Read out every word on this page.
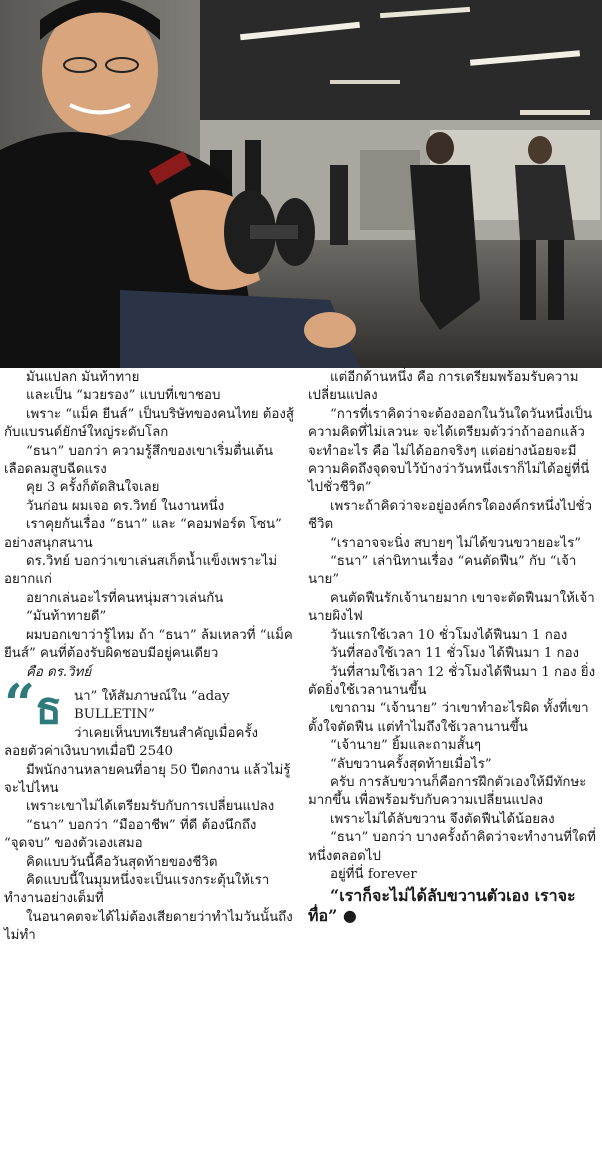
มันแปลก มันท้าทาย

และเป็น “มวยรอง” แบบที่เขาชอบ

เพราะ “แม็ค ยีนส์” เป็นบริษัทของคนไทย ต้องสู้กับแบรนด์ยักษ์ใหญ่ระดับโลก

“ธนา” บอกว่า ความรู้สึกของเขาเริ่มตื่นเต้น เลือดลมสูบฉีดแรง

คุย 3 ครั้งก็ตัดสินใจเลย

วันก่อน ผมเจอ ดร.วิทย์ ในงานหนึ่ง

เราคุยกันเรื่อง “ธนา” และ “คอมฟอร์ต โซน” อย่างสนุกสนาน

ดร.วิทย์ บอกว่าเขาเล่นสเก็ตน้ำแข็งเพราะไม่อยากแก่

อยากเล่นอะไรที่คนหนุ่มสาวเล่นกัน

“มันท้าทายดี”

ผมบอกเขาว่ารู้ไหม ถ้า “ธนา” ล้มเหลวที่ “แม็คยีนส์” คนที่ต้องรับผิดชอบมีอยู่คนเดียว

คือ ดร.วิทย์

“ธ นา” ให้สัมภาษณ์ใน “aday BULLETIN”

ว่าเคยเห็นบทเรียนสำคัญเมื่อครั้ง

ลอยตัวค่าเงินบาทเมื่อปี 2540

มีพนักงานหลายคนที่อายุ 50 ปีตกงาน แล้วไม่รู้จะไปไหน

เพราะเขาไม่ได้เตรียมรับกับการเปลี่ยนแปลง

“ธนา” บอกว่า “มืออาชีพ” ที่ดี ต้องนึกถึง “จุดจบ” ของตัวเองเสมอ

คิดแบบวันนี้คือวันสุดท้ายของชีวิต

คิดแบบนี้ในมุมหนึ่งจะเป็นแรงกระตุ้นให้เราทำงานอย่างเต็มที่

ในอนาคตจะได้ไม่ต้องเสียดายว่าทำไมวันนั้นถึงไม่ทำ

แต่อีกด้านหนึ่ง คือ การเตรียมพร้อมรับความเปลี่ยนแปลง

“การที่เราคิดว่าจะต้องออกในวันใดวันหนึ่งเป็นความคิดที่ไม่เลวนะ จะได้เตรียมตัวว่าถ้าออกแล้วจะทำอะไร คือ ไม่ได้ออกจริงๆ แต่อย่างน้อยจะมีความคิดถึงจุดจบไว้บ้างว่าวันหนึ่งเราก็ไม่ได้อยู่ที่นี่ไปชั่วชีวิต”

เพราะถ้าคิดว่าจะอยู่องค์กรใดองค์กรหนึ่งไปชั่วชีวิต

“เราอาจจะนิ่ง สบายๆ ไม่ได้ขวนขวายอะไร”

“ธนา” เล่านิทานเรื่อง “คนตัดฟืน” กับ “เจ้านาย”

คนตัดฟืนรักเจ้านายมาก เขาจะตัดฟืนมาให้เจ้านายผิงไฟ

วันแรกใช้เวลา 10 ชั่วโมงได้ฟืนมา 1 กอง

วันที่สองใช้เวลา 11 ชั่วโมง ได้ฟืนมา 1 กอง

วันที่สามใช้เวลา 12 ชั่วโมงได้ฟืนมา 1 กอง ยิ่งตัดยิ่งใช้เวลานานขึ้น

เขาถาม “เจ้านาย” ว่าเขาทำอะไรผิด ทั้งที่เขาตั้งใจตัดฟืน แต่ทำไมถึงใช้เวลานานขึ้น

“เจ้านาย” ยิ้มและถามสั้นๆ

“ลับขวานครั้งสุดท้ายเมื่อไร”

ครับ การลับขวานก็คือการฝึกตัวเองให้มีทักษะมากขึ้น เพื่อพร้อมรับกับความเปลี่ยนแปลง

เพราะไม่ได้ลับขวาน จึงตัดฟืนได้น้อยลง

“ธนา” บอกว่า บางครั้งถ้าคิดว่าจะทำงานที่ใดที่หนึ่งตลอดไป

อยู่ที่นี่ forever

“เราก็จะไม่ได้ลับขวานตัวเอง เราจะทื่อ” ●
